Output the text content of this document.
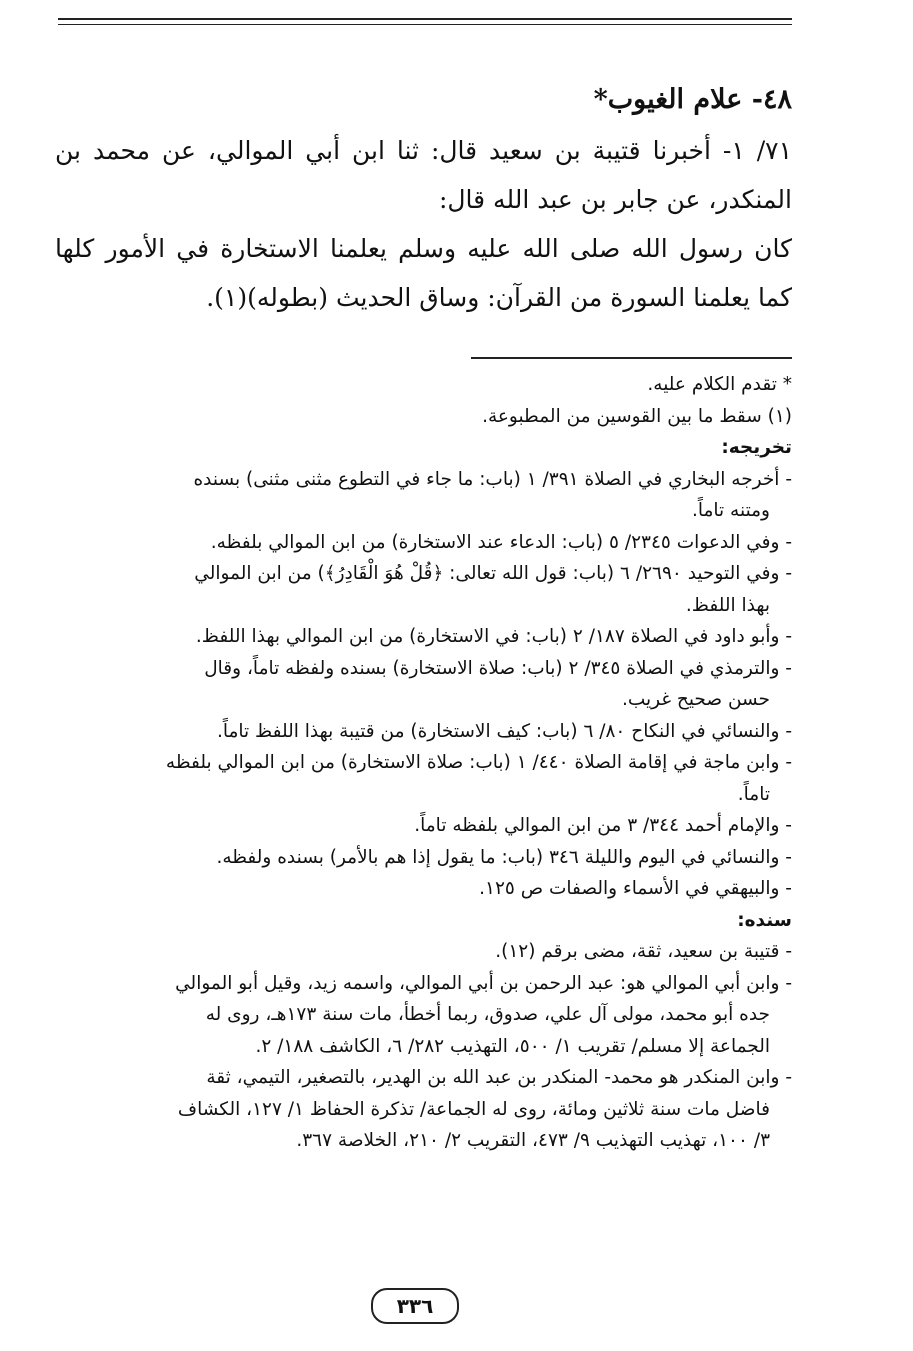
٤٨- علام الغيوب*

٧١/ ١- أخبرنا قتيبة بن سعيد قال: ثنا ابن أبي الموالي، عن محمد بن المنكدر، عن جابر بن عبد الله قال:

كان رسول الله صلى الله عليه وسلم يعلمنا الاستخارة في الأمور كلها كما يعلمنا السورة من القرآن: وساق الحديث (بطوله)(١).

* تقدم الكلام عليه.
(١) سقط ما بين القوسين من المطبوعة.
تخريجه:
- أخرجه البخاري في الصلاة ٣٩١/ ١ (باب: ما جاء في التطوع مثنى مثنى) بسنده
ومتنه تاماً.
- وفي الدعوات ٢٣٤٥/ ٥ (باب: الدعاء عند الاستخارة) من ابن الموالي بلفظه.
- وفي التوحيد ٢٦٩٠/ ٦ (باب: قول الله تعالى: ﴿قُلْ هُوَ الْقَادِرُ﴾) من ابن الموالي
بهذا اللفظ.
- وأبو داود في الصلاة ١٨٧/ ٢ (باب: في الاستخارة) من ابن الموالي بهذا اللفظ.
- والترمذي في الصلاة ٣٤٥/ ٢ (باب: صلاة الاستخارة) بسنده ولفظه تاماً، وقال
حسن صحيح غريب.
- والنسائي في النكاح ٨٠/ ٦ (باب: كيف الاستخارة) من قتيبة بهذا اللفظ تاماً.
- وابن ماجة في إقامة الصلاة ٤٤٠/ ١ (باب: صلاة الاستخارة) من ابن الموالي بلفظه
تاماً.
- والإمام أحمد ٣٤٤/ ٣ من ابن الموالي بلفظه تاماً.
- والنسائي في اليوم والليلة ٣٤٦ (باب: ما يقول إذا هم بالأمر) بسنده ولفظه.
- والبيهقي في الأسماء والصفات ص ١٢٥.
سنده:
- قتيبة بن سعيد، ثقة، مضى برقم (١٢).
- وابن أبي الموالي هو: عبد الرحمن بن أبي الموالي، واسمه زيد، وقيل أبو الموالي
جده أبو محمد، مولى آل علي، صدوق، ربما أخطأ، مات سنة ١٧٣هـ، روى له
الجماعة إلا مسلم/ تقريب ١/ ٥٠٠، التهذيب ٢٨٢/ ٦، الكاشف ١٨٨/ ٢.
- وابن المنكدر هو محمد- المنكدر بن عبد الله بن الهدير، بالتصغير، التيمي، ثقة
فاضل مات سنة ثلاثين ومائة، روى له الجماعة/ تذكرة الحفاظ ١/ ١٢٧، الكشاف
٣/ ١٠٠، تهذيب التهذيب ٩/ ٤٧٣، التقريب ٢/ ٢١٠، الخلاصة ٣٦٧.
٣٣٦
